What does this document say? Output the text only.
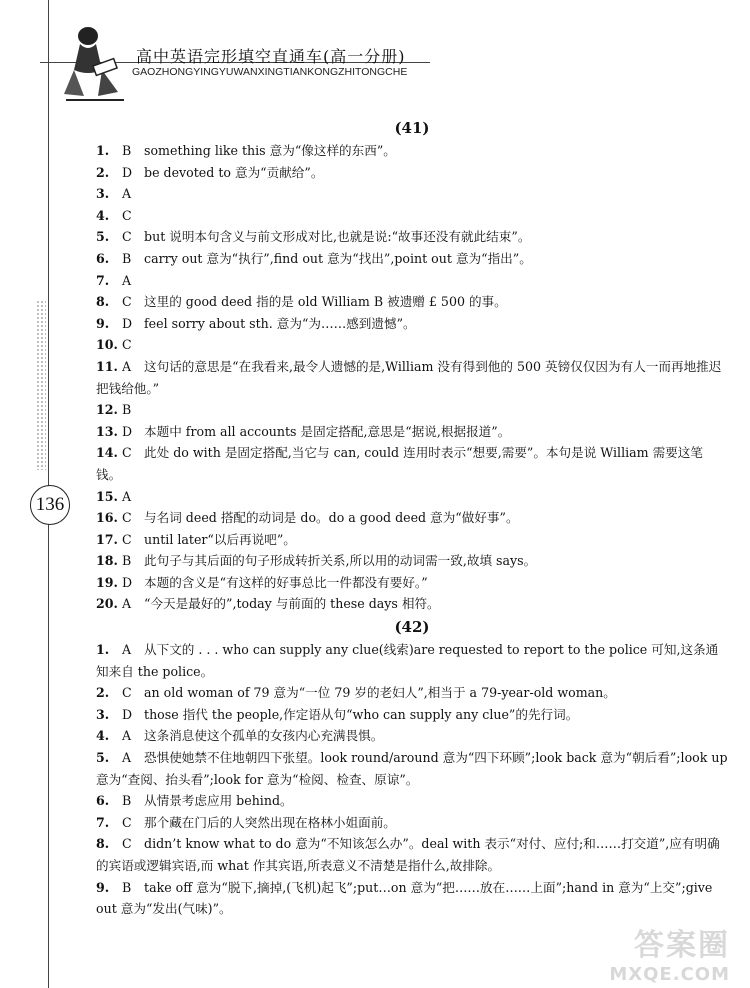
高中英语完形填空直通车(高一分册)
GAOZHONGYINGYUWANXINGTIANKONGZHITONGCHE
136
(41)
1. B something like this 意为“像这样的东西”。
2. D be devoted to 意为“贡献给”。
3. A
4. C
5. C but 说明本句含义与前文形成对比,也就是说:“故事还没有就此结束”。
6. B carry out 意为“执行”,find out 意为“找出”,point out 意为“指出”。
7. A
8. C 这里的 good deed 指的是 old William B 被遗赠 £ 500 的事。
9. D feel sorry about sth. 意为“为……感到遗憾”。
10. C
11. A 这句话的意思是“在我看来,最令人遗憾的是,William 没有得到他的 500 英镑仅仅因为有人一而再地推迟把钱给他。”
12. B
13. D 本题中 from all accounts 是固定搭配,意思是“据说,根据报道”。
14. C 此处 do with 是固定搭配,当它与 can, could 连用时表示“想要,需要”。本句是说 William 需要这笔钱。
15. A
16. C 与名词 deed 搭配的动词是 do。do a good deed 意为“做好事”。
17. C until later“以后再说吧”。
18. B 此句子与其后面的句子形成转折关系,所以用的动词需一致,故填 says。
19. D 本题的含义是“有这样的好事总比一件都没有要好。”
20. A “今天是最好的”,today 与前面的 these days 相符。
(42)
1. A 从下文的 . . . who can supply any clue(线索)are requested to report to the police 可知,这条通知来自 the police。
2. C an old woman of 79 意为“一位 79 岁的老妇人”,相当于 a 79-year-old woman。
3. D those 指代 the people,作定语从句“who can supply any clue”的先行词。
4. A 这条消息使这个孤单的女孩内心充满畏惧。
5. A 恐惧使她禁不住地朝四下张望。look round/around 意为“四下环顾”;look back 意为“朝后看”;look up 意为“查阅、抬头看”;look for 意为“检阅、检查、原谅”。
6. B 从情景考虑应用 behind。
7. C 那个藏在门后的人突然出现在格林小姐面前。
8. C didn’t know what to do 意为“不知该怎么办”。deal with 表示“对付、应付;和……打交道”,应有明确的宾语或逻辑宾语,而 what 作其宾语,所表意义不清楚是指什么,故排除。
9. B take off 意为“脱下,摘掉,(飞机)起飞”;put…on 意为“把……放在……上面”;hand in 意为“上交”;give out 意为“发出(气味)”。
答案圈
MXQE.COM
